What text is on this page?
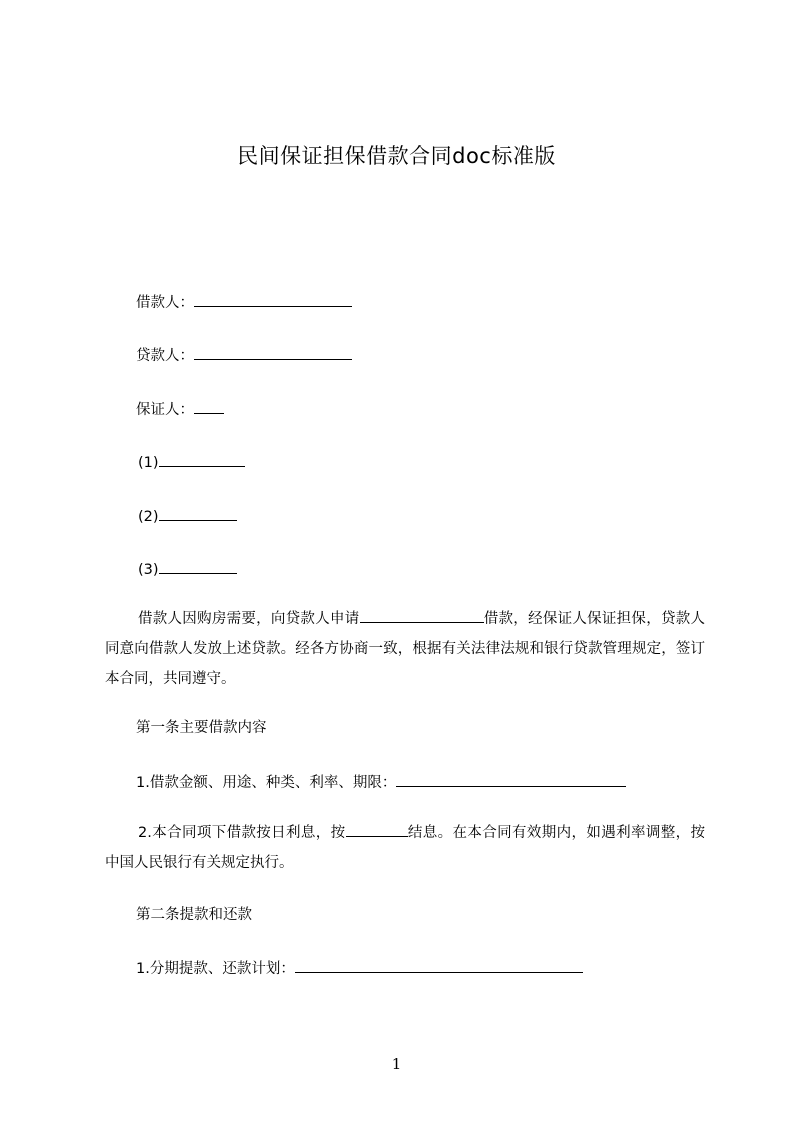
民间保证担保借款合同doc标准版
借款人：
贷款人：
保证人：
(1)
(2)
(3)
借款人因购房需要，向贷款人申请	借款，经保证人保证担保，贷款人同意向借款人发放上述贷款。经各方协商一致，根据有关法律法规和银行贷款管理规定，签订本合同，共同遵守。
第一条主要借款内容
1.借款金额、用途、种类、利率、期限：
2.本合同项下借款按日利息，按	结息。在本合同有效期内，如遇利率调整，按中国人民银行有关规定执行。
第二条提款和还款
1.分期提款、还款计划：
1
